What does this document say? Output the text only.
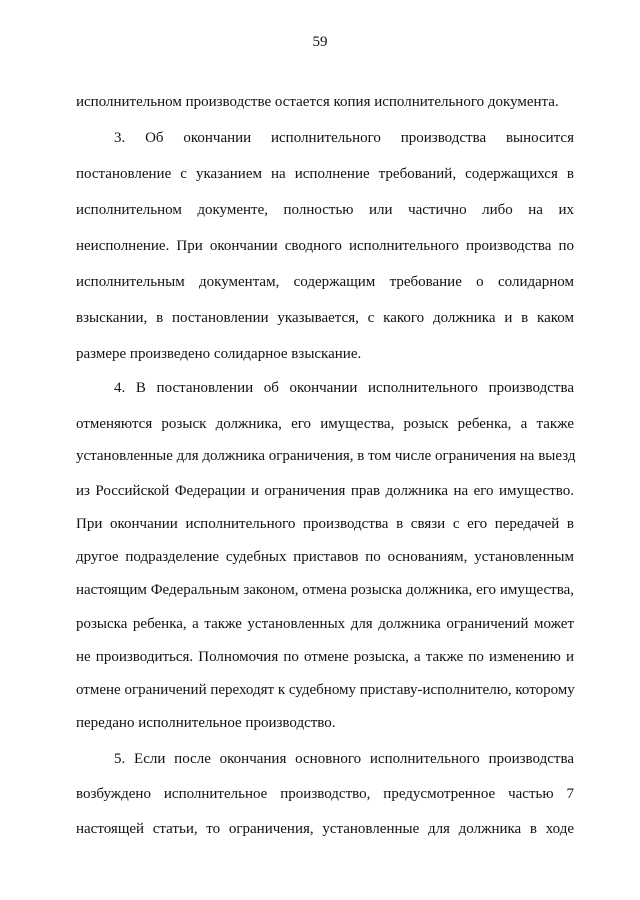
59
исполнительном производстве остается копия исполнительного документа.
3. Об окончании исполнительного производства выносится
постановление с указанием на исполнение требований, содержащихся в
исполнительном документе, полностью или частично либо на их
неисполнение. При окончании сводного исполнительного производства по
исполнительным документам, содержащим требование о солидарном
взыскании, в постановлении указывается, с какого должника и в каком
размере произведено солидарное взыскание.
4. В постановлении об окончании исполнительного производства
отменяются розыск должника, его имущества, розыск ребенка, а также
установленные для должника ограничения, в том числе ограничения на выезд
из Российской Федерации и ограничения прав должника на его имущество.
При окончании исполнительного производства в связи с его передачей в
другое подразделение судебных приставов по основаниям, установленным
настоящим Федеральным законом, отмена розыска должника, его имущества,
розыска ребенка, а также установленных для должника ограничений может
не производиться. Полномочия по отмене розыска, а также по изменению и
отмене ограничений переходят к судебному приставу-исполнителю, которому
передано исполнительное производство.
5. Если после окончания основного исполнительного производства
возбуждено исполнительное производство, предусмотренное частью 7
настоящей статьи, то ограничения, установленные для должника в ходе
